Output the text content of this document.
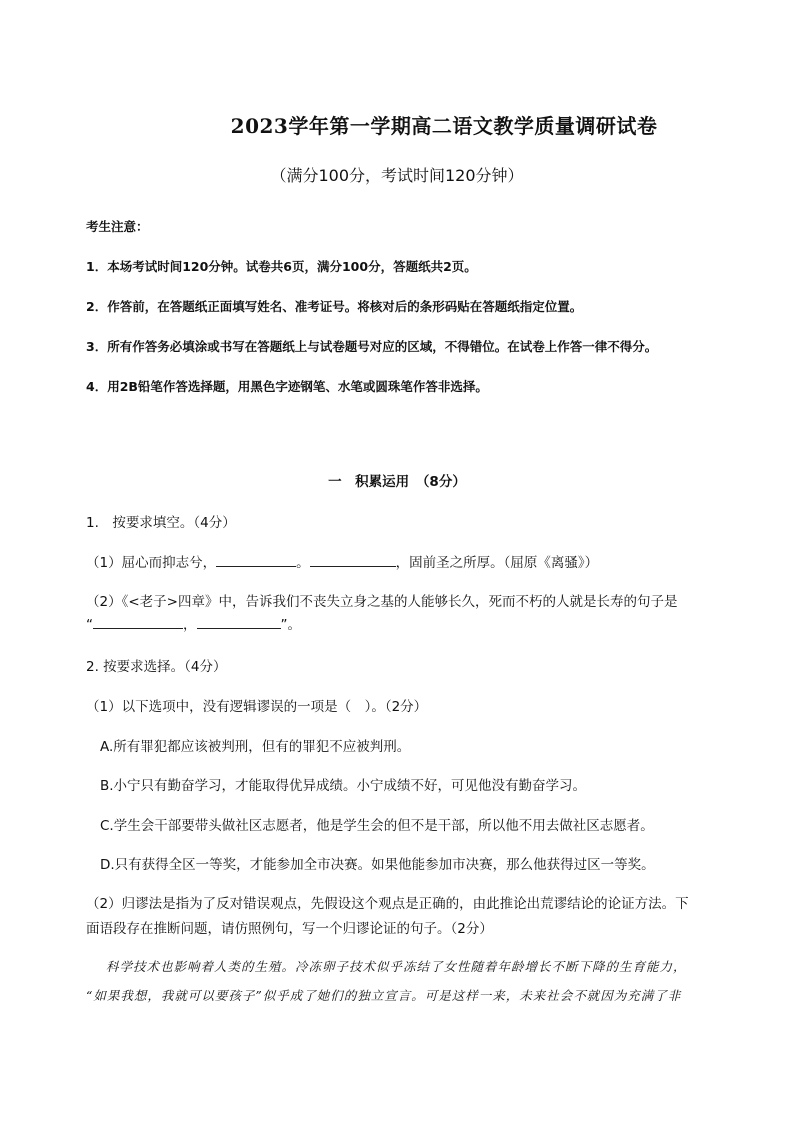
2023学年第一学期高二语文教学质量调研试卷
（满分100分，考试时间120分钟）
考生注意：
1．本场考试时间120分钟。试卷共6页，满分100分，答题纸共2页。
2．作答前，在答题纸正面填写姓名、准考证号。将核对后的条形码贴在答题纸指定位置。
3．所有作答务必填涂或书写在答题纸上与试卷题号对应的区域，不得错位。在试卷上作答一律不得分。
4．用2B铅笔作答选择题，用黑色字迹钢笔、水笔或圆珠笔作答非选择。
一　积累运用　（8分）
1.　按要求填空。（4分）
（1）屈心而抑志兮，	。	，固前圣之所厚。（屈原《离骚》）
（2）《<老子>四章》中，告诉我们不丧失立身之基的人能够长久，死而不朽的人就是长寿的句子是
“	，	”。
2. 按要求选择。（4分）
（1）以下选项中，没有逻辑谬误的一项是（　）。（2分）
A.所有罪犯都应该被判刑，但有的罪犯不应被判刑。
B.小宁只有勤奋学习，才能取得优异成绩。小宁成绩不好，可见他没有勤奋学习。
C.学生会干部要带头做社区志愿者，他是学生会的但不是干部，所以他不用去做社区志愿者。
D.只有获得全区一等奖，才能参加全市决赛。如果他能参加市决赛，那么他获得过区一等奖。
（2）归谬法是指为了反对错误观点，先假设这个观点是正确的，由此推论出荒谬结论的论证方法。下
面语段存在推断问题，请仿照例句，写一个归谬论证的句子。（2分）
科学技术也影响着人类的生殖。冷冻卵子技术似乎冻结了女性随着年龄增长不断下降的生育能力，
“如果我想，我就可以要孩子”似乎成了她们的独立宣言。可是这样一来，未来社会不就因为充满了非
